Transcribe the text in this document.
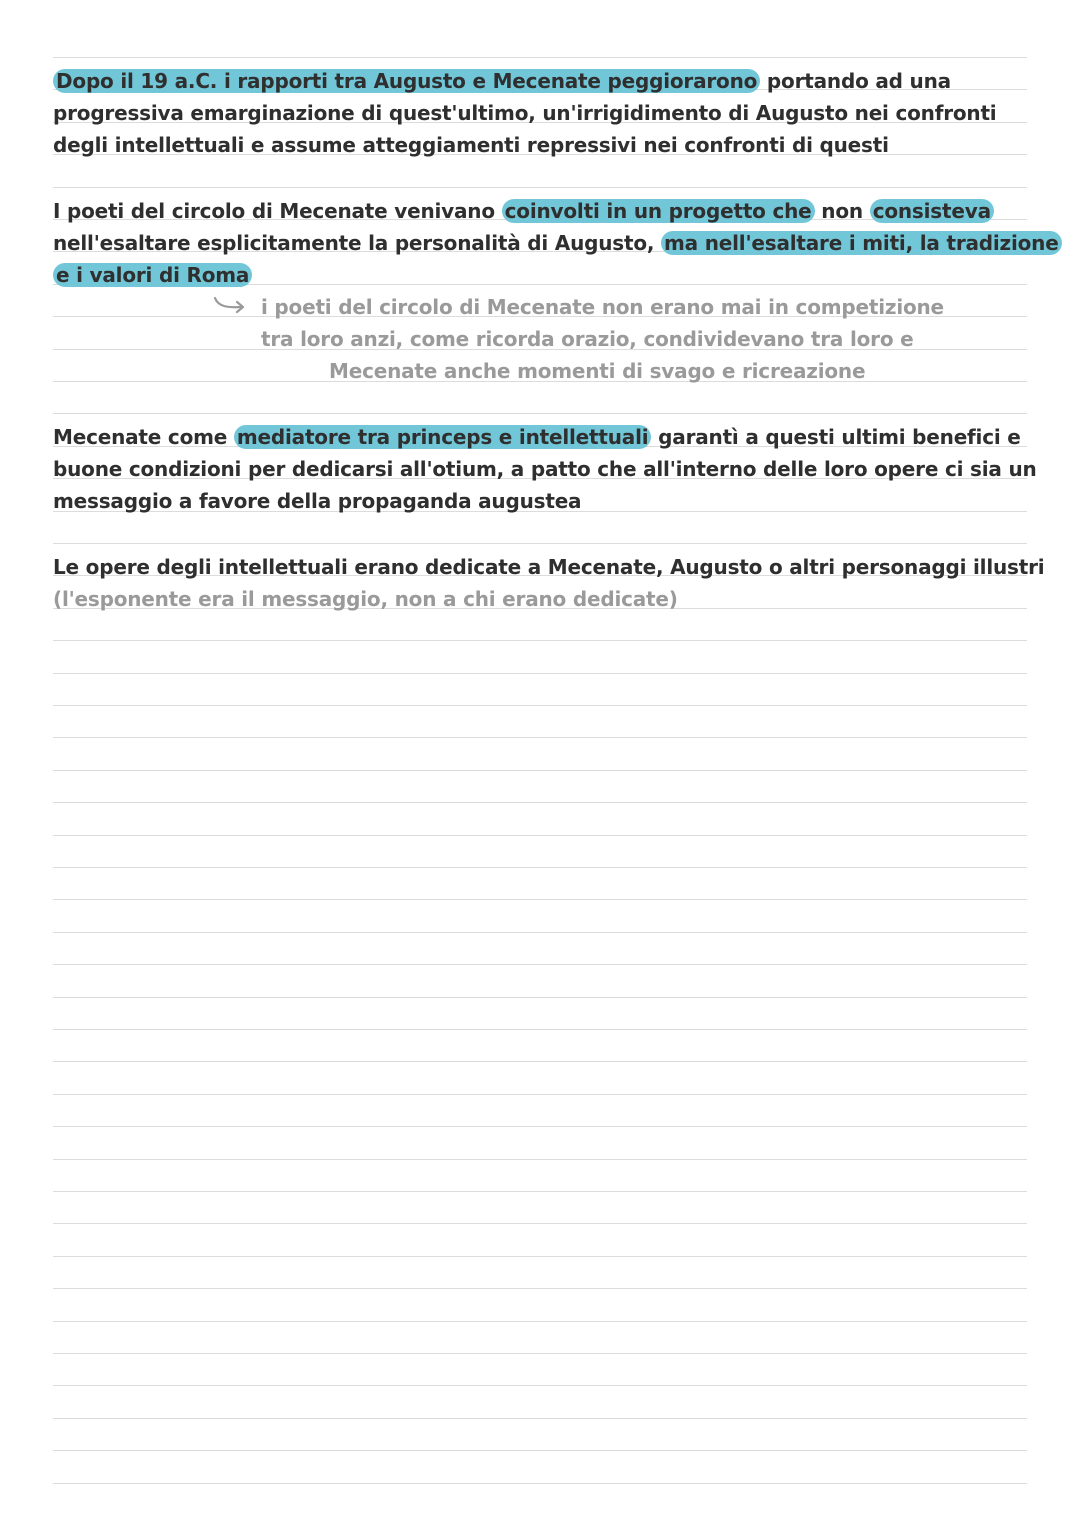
Dopo il 19 a.C. i rapporti tra Augusto e Mecenate peggiorarono portando ad una
progressiva emarginazione di quest'ultimo, un'irrigidimento di Augusto nei confronti
degli intellettuali e assume atteggiamenti repressivi nei confronti di questi
I poeti del circolo di Mecenate venivano coinvolti in un progetto che non consisteva
nell'esaltare esplicitamente la personalità di Augusto, ma nell'esaltare i miti, la tradizione
e i valori di Roma
i poeti del circolo di Mecenate non erano mai in competizione
tra loro anzi, come ricorda orazio, condividevano tra loro e
Mecenate anche momenti di svago e ricreazione
Mecenate come mediatore tra princeps e intellettuali garantì a questi ultimi benefici e
buone condizioni per dedicarsi all'otium, a patto che all'interno delle loro opere ci sia un
messaggio a favore della propaganda augustea
Le opere degli intellettuali erano dedicate a Mecenate, Augusto o altri personaggi illustri
(l'esponente era il messaggio, non a chi erano dedicate)
